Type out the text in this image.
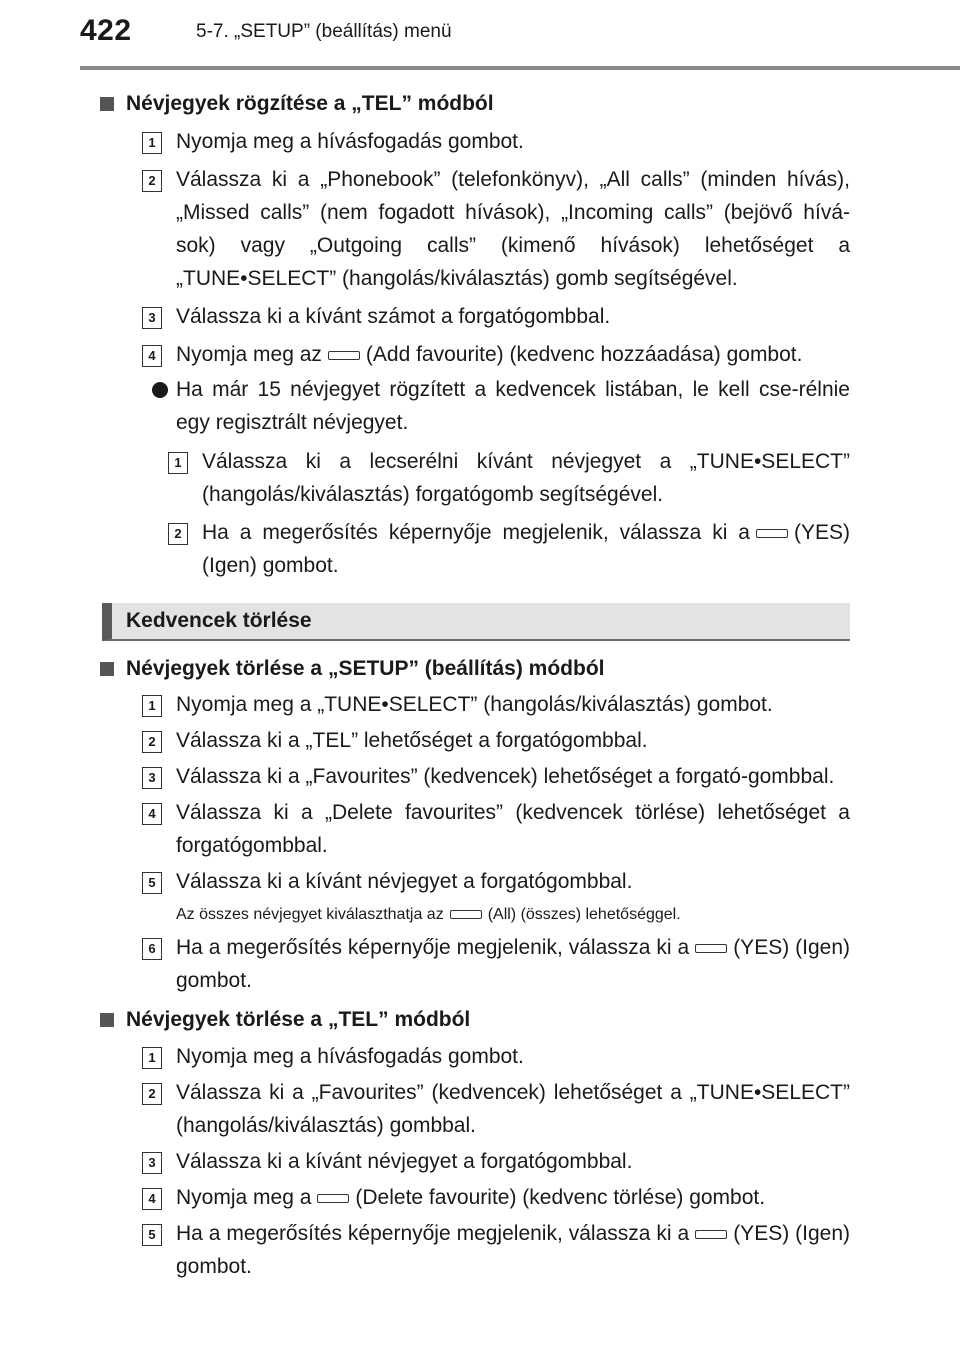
422	5-7. „SETUP” (beállítás) menü
Névjegyek rögzítése a „TEL” módból
1 Nyomja meg a hívásfogadás gombot.
2 Válassza ki a „Phonebook” (telefonkönyv), „All calls” (minden hívás), „Missed calls” (nem fogadott hívások), „Incoming calls” (bejövő hívá-sok) vagy „Outgoing calls” (kimenő hívások) lehetőséget a „TUNE•SELECT” (hangolás/kiválasztás) gomb segítségével.
3 Válassza ki a kívánt számot a forgatógombbal.
4 Nyomja meg az (Add favourite) (kedvenc hozzáadása) gombot.
Ha már 15 névjegyet rögzített a kedvencek listában, le kell cse-rélnie egy regisztrált névjegyet.
1 Válassza ki a lecserélni kívánt névjegyet a „TUNE•SELECT” (hangolás/kiválasztás) forgatógomb segítségével.
2 Ha a megerősítés képernyője megjelenik, válassza ki a (YES) (Igen) gombot.
Kedvencek törlése
Névjegyek törlése a „SETUP” (beállítás) módból
1 Nyomja meg a „TUNE•SELECT” (hangolás/kiválasztás) gombot.
2 Válassza ki a „TEL” lehetőséget a forgatógombbal.
3 Válassza ki a „Favourites” (kedvencek) lehetőséget a forgató-gombbal.
4 Válassza ki a „Delete favourites” (kedvencek törlése) lehetőséget a forgatógombbal.
5 Válassza ki a kívánt névjegyet a forgatógombbal.
Az összes névjegyet kiválaszthatja az	(All) (összes) lehetőséggel.
6 Ha a megerősítés képernyője megjelenik, válassza ki a (YES) (Igen) gombot.
Névjegyek törlése a „TEL” módból
1 Nyomja meg a hívásfogadás gombot.
2 Válassza ki a „Favourites” (kedvencek) lehetőséget a „TUNE•SELECT” (hangolás/kiválasztás) gombbal.
3 Válassza ki a kívánt névjegyet a forgatógombbal.
4 Nyomja meg a (Delete favourite) (kedvenc törlése) gombot.
5 Ha a megerősítés képernyője megjelenik, válassza ki a (YES) (Igen) gombot.
